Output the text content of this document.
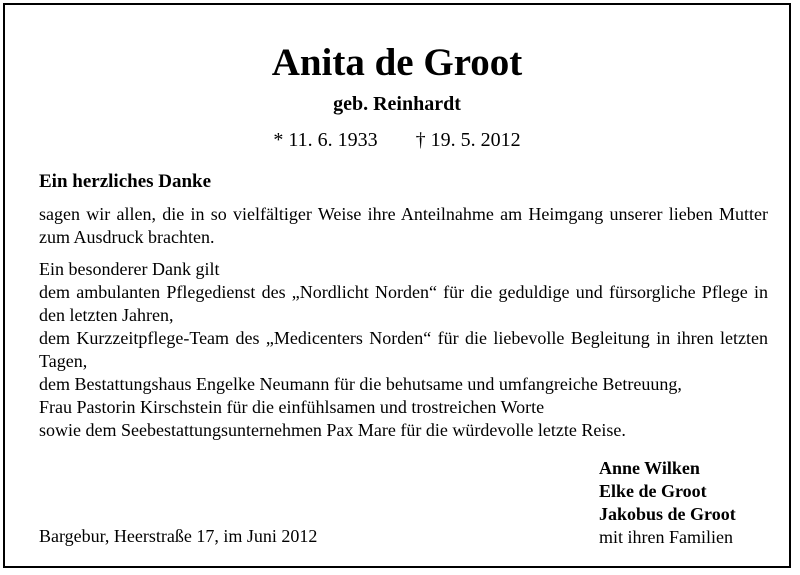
Anita de Groot
geb. Reinhardt
* 11. 6. 1933 † 19. 5. 2012
Ein herzliches Danke

sagen wir allen, die in so vielfältiger Weise ihre Anteilnahme am Heimgang unserer lieben Mutter zum Ausdruck brachten.

Ein besonderer Dank gilt

dem ambulanten Pflegedienst des „Nordlicht Norden“ für die geduldige und fürsorgliche Pflege in den letzten Jahren,

dem Kurzzeitpflege-Team des „Medicenters Norden“ für die liebevolle Begleitung in ihren letzten Tagen,

dem Bestattungshaus Engelke Neumann für die behutsame und umfangreiche Betreuung,

Frau Pastorin Kirschstein für die einfühlsamen und trostreichen Worte

sowie dem Seebestattungsunternehmen Pax Mare für die würdevolle letzte Reise.

Anne Wilken
Elke de Groot
Jakobus de Groot
mit ihren Familien
Bargebur, Heerstraße 17, im Juni 2012
